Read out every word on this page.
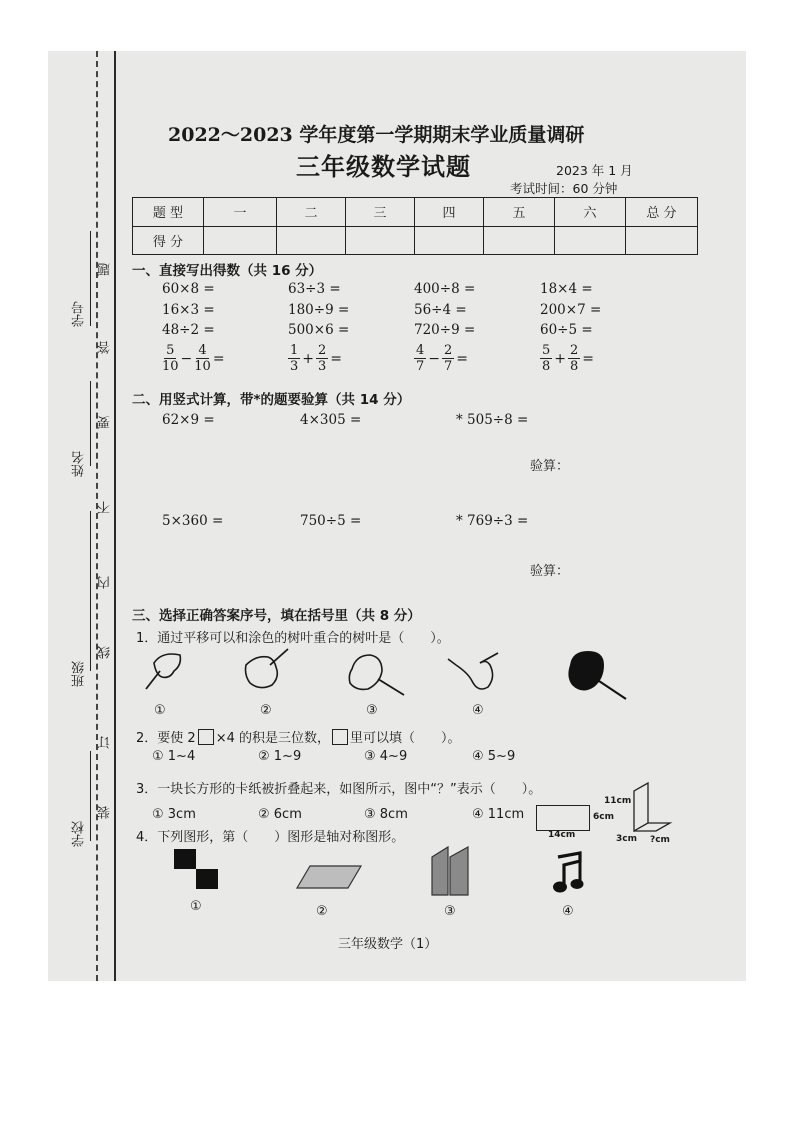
学校
班级
姓名
学号
装
订
线
内
不
要
答
题
2022～2023 学年度第一学期期末学业质量调研
三年级数学试题	2023 年 1 月
考试时间：60 分钟
题 型	一	二	三	四	五	六	总 分
得 分							
一、直接写出得数（共 16 分）
60×8 =	63÷3 =	400÷8 =	18×4 =
16×3 =	180÷9 =	56÷4 =	200×7 =
48÷2 =	500×6 =	720÷9 =	60÷5 =
$\frac{5}{10} - \frac{4}{10}$ =	$\frac{1}{3} + \frac{2}{3}$ =	$\frac{4}{7} - \frac{2}{7}$ =	$\frac{5}{8} + \frac{2}{8}$ =
二、用竖式计算，带*的题要验算（共 14 分）
62×9 =	4×305 =	* 505÷8 =
验算：
5×360 =	750÷5 =	* 769÷3 =
验算：
三、选择正确答案序号，填在括号里（共 8 分）
1．通过平移可以和涂色的树叶重合的树叶是（　　）。
①	②	③	④
2．要使 2 ×4 的积是三位数， 里可以填（　　）。
① 1~4	② 1~9	③ 4~9	④ 5~9
3．一块长方形的卡纸被折叠起来，如图所示，图中“？”表示（　　）。
① 3cm	② 6cm	③ 8cm	④ 11cm
14cm
6cm
11cm
3cm ?cm
4．下列图形，第（　　）图形是轴对称图形。
①	②	③	④
三年级数学（1）
